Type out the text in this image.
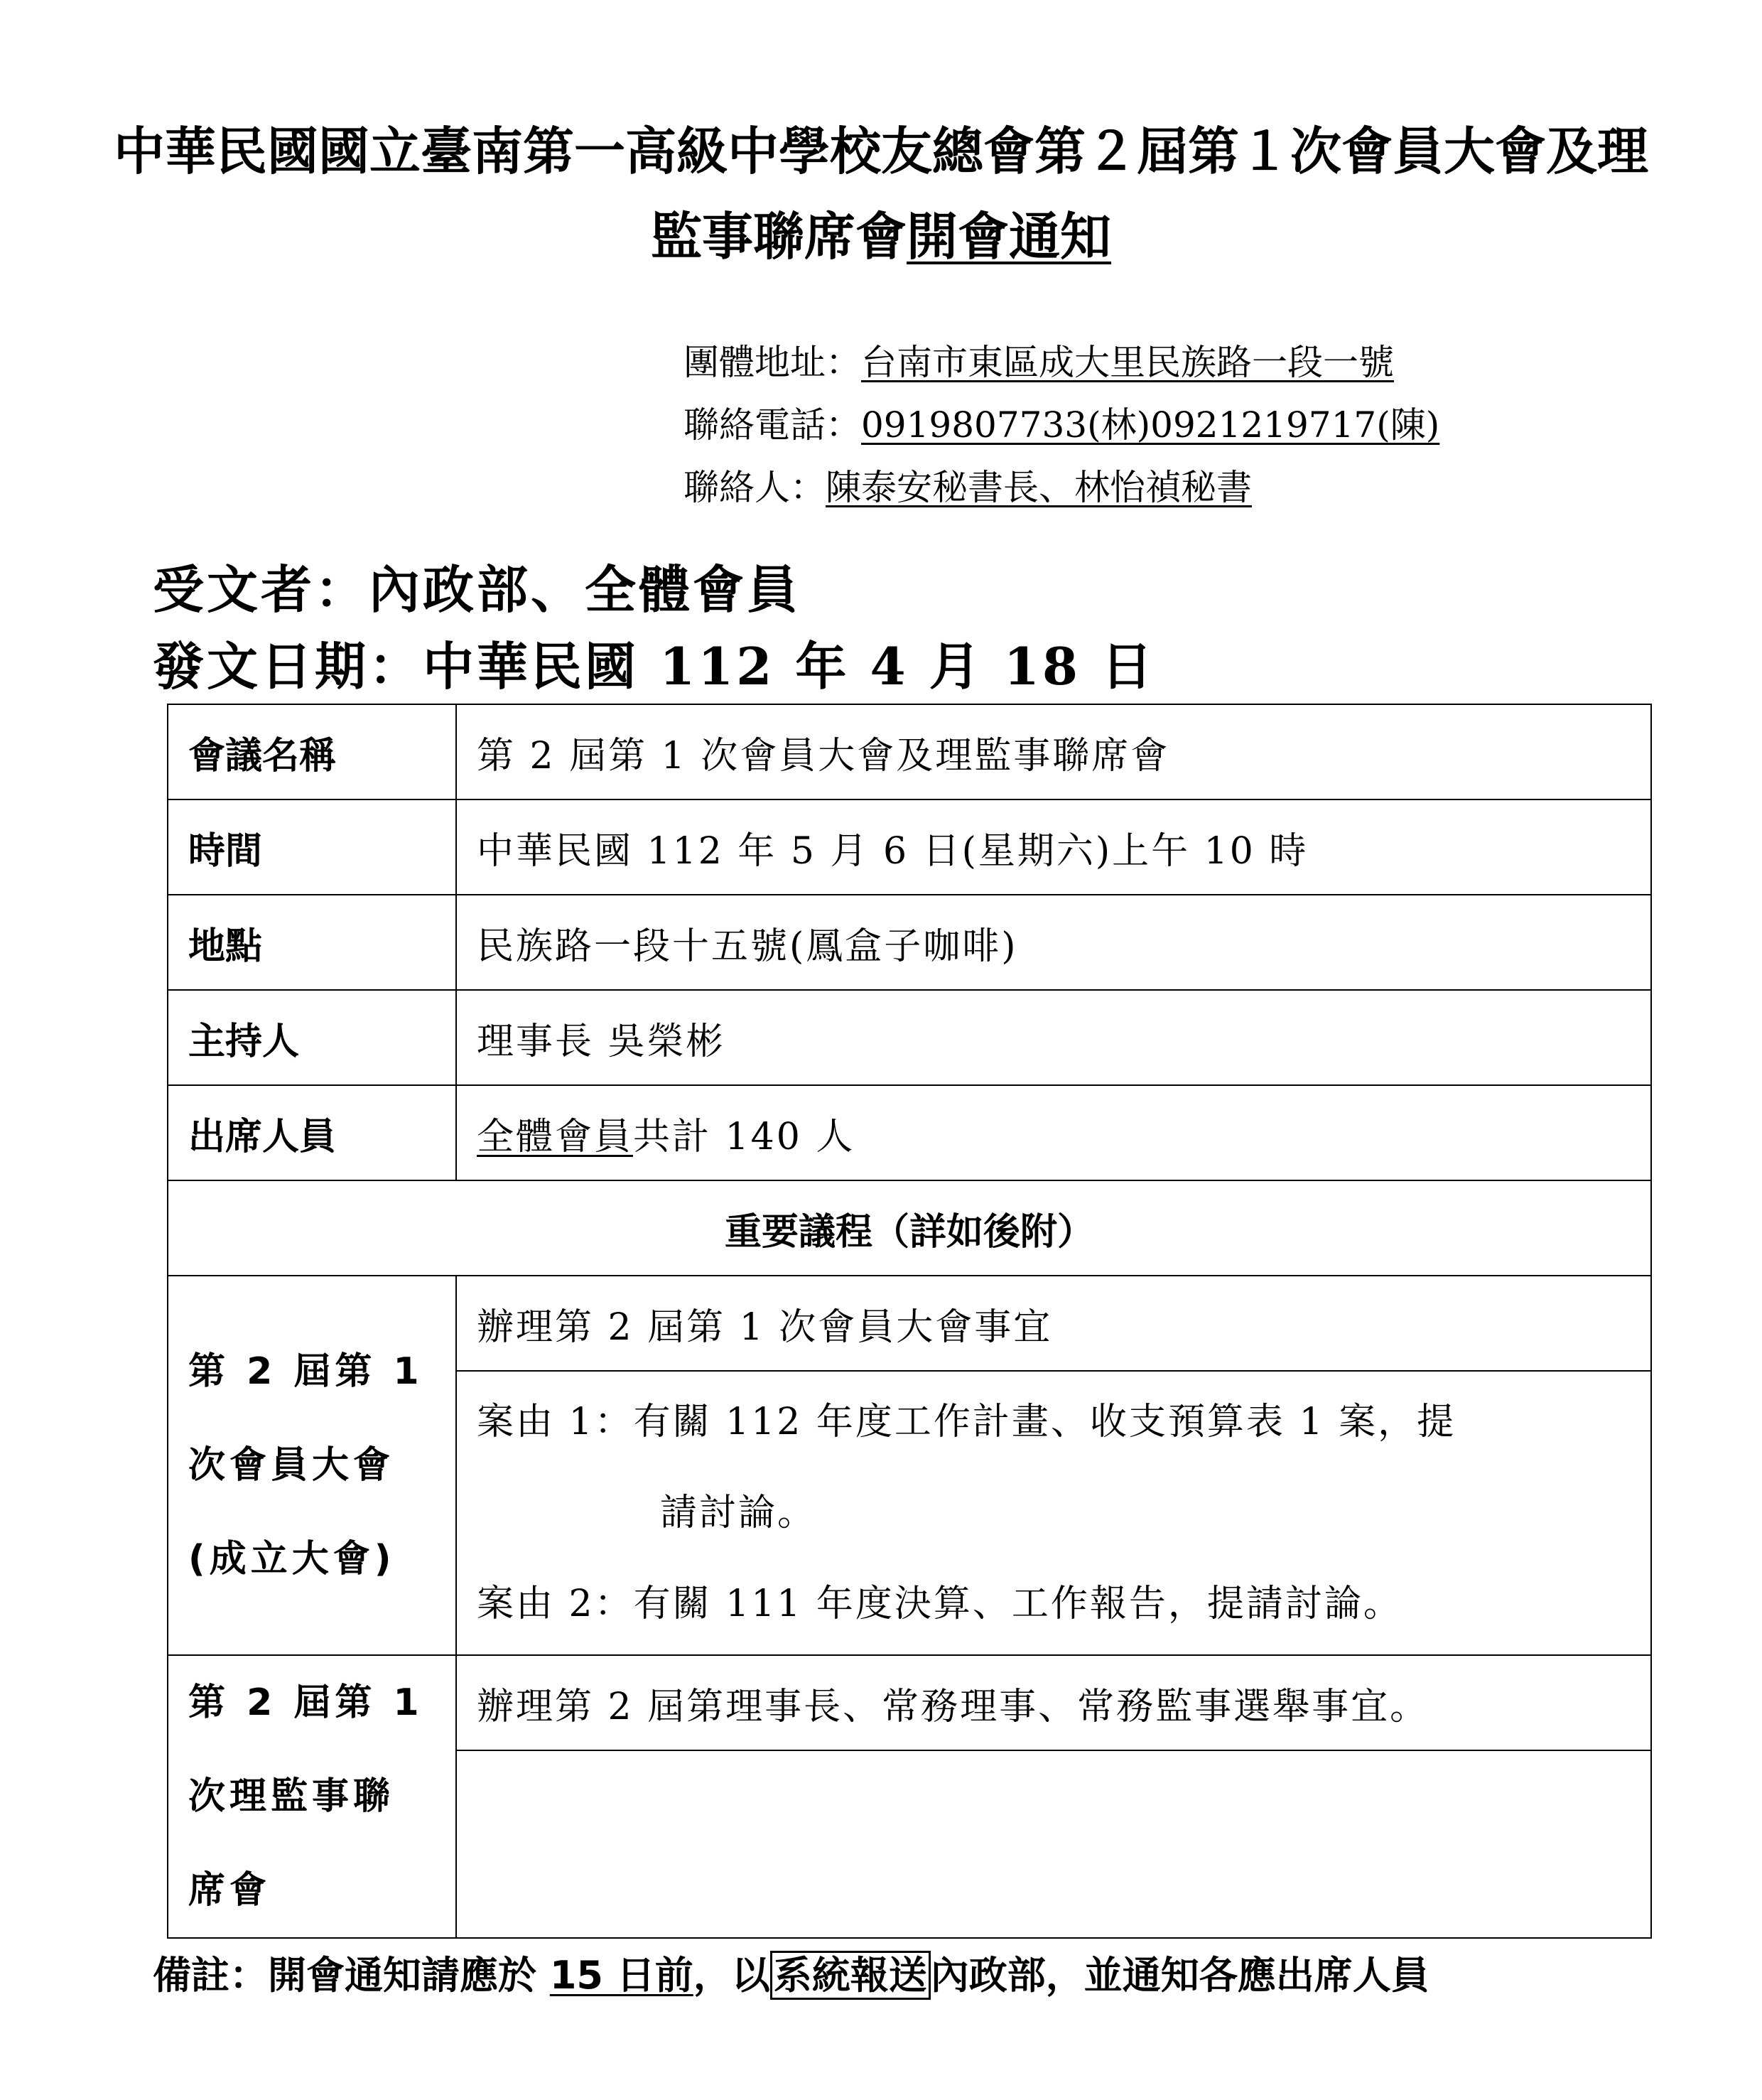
中華民國國立臺南第一高級中學校友總會第２屆第１次會員大會及理
監事聯席會開會通知
團體地址：台南市東區成大里民族路一段一號
聯絡電話：0919807733(林)0921219717(陳)
聯絡人：陳泰安秘書長、林怡禎秘書
受文者：內政部、全體會員
發文日期：中華民國 112 年 4 月 18 日
會議名稱	第 2 屆第 1 次會員大會及理監事聯席會
時間	中華民國 112 年 5 月 6 日(星期六)上午 10 時
地點	民族路一段十五號(鳳盒子咖啡)
主持人	理事長 吳榮彬
出席人員	全體會員共計 140 人
重要議程（詳如後附）	

第 2 屆第 1
次會員大會
(成立大會)	辦理第 2 屆第 1 次會員大會事宜

	案由 1：有關 112 年度工作計畫、收支預算表 1 案，提
請討論。
案由 2：有關 111 年度決算、工作報告，提請討論。

第 2 屆第 1
次理監事聯
席會	辦理第 2 屆第理事長、常務理事、常務監事選舉事宜。

備註：開會通知請應於 15 日前，以系統報送內政部，並通知各應出席人員
